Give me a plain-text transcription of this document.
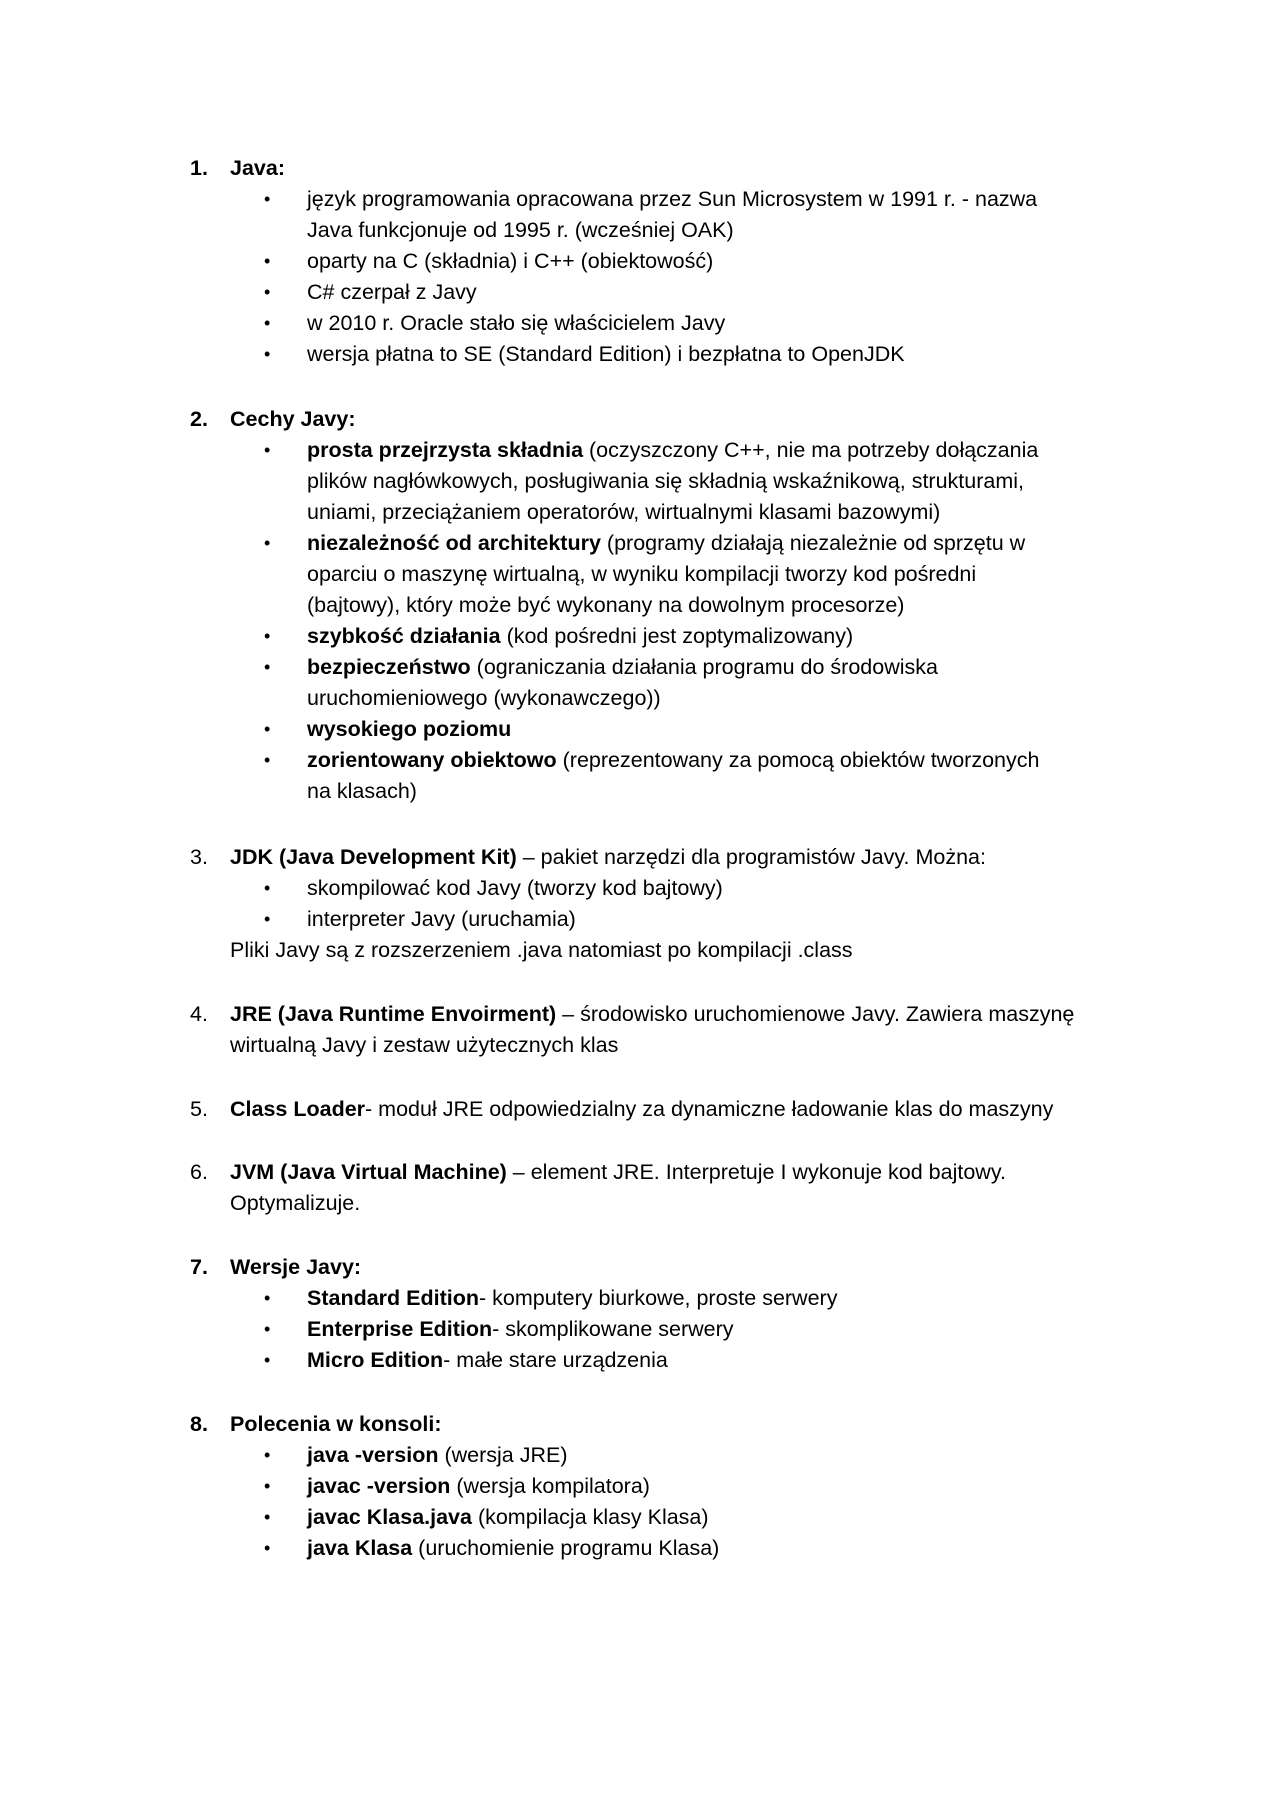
1.	Java:
• język programowania opracowana przez Sun Microsystem w 1991 r. - nazwa
Java funkcjonuje od 1995 r. (wcześniej OAK)
• oparty na C (składnia) i C++ (obiektowość)
• C# czerpał z Javy
• w 2010 r. Oracle stało się właścicielem Javy
• wersja płatna to SE (Standard Edition) i bezpłatna to OpenJDK
2.	Cechy Javy:
• prosta przejrzysta składnia (oczyszczony C++, nie ma potrzeby dołączania
plików nagłówkowych, posługiwania się składnią wskaźnikową, strukturami,
uniami, przeciążaniem operatorów, wirtualnymi klasami bazowymi)
• niezależność od architektury (programy działają niezależnie od sprzętu w
oparciu o maszynę wirtualną, w wyniku kompilacji tworzy kod pośredni
(bajtowy), który może być wykonany na dowolnym procesorze)
• szybkość działania (kod pośredni jest zoptymalizowany)
• bezpieczeństwo (ograniczania działania programu do środowiska
uruchomieniowego (wykonawczego))
• wysokiego poziomu
• zorientowany obiektowo (reprezentowany za pomocą obiektów tworzonych
na klasach)
3.	JDK (Java Development Kit) – pakiet narzędzi dla programistów Javy. Można:
• skompilować kod Javy (tworzy kod bajtowy)
• interpreter Javy (uruchamia)
Pliki Javy są z rozszerzeniem .java natomiast po kompilacji .class
4.	JRE (Java Runtime Envoirment) – środowisko uruchomienowe Javy. Zawiera maszynę
wirtualną Javy i zestaw użytecznych klas
5.	Class Loader- moduł JRE odpowiedzialny za dynamiczne ładowanie klas do maszyny
6.	JVM (Java Virtual Machine) – element JRE. Interpretuje I wykonuje kod bajtowy.
Optymalizuje.
7.	Wersje Javy:
• Standard Edition- komputery biurkowe, proste serwery
• Enterprise Edition- skomplikowane serwery
• Micro Edition- małe stare urządzenia
8.	Polecenia w konsoli:
• java -version (wersja JRE)
• javac -version (wersja kompilatora)
• javac Klasa.java (kompilacja klasy Klasa)
• java Klasa (uruchomienie programu Klasa)
